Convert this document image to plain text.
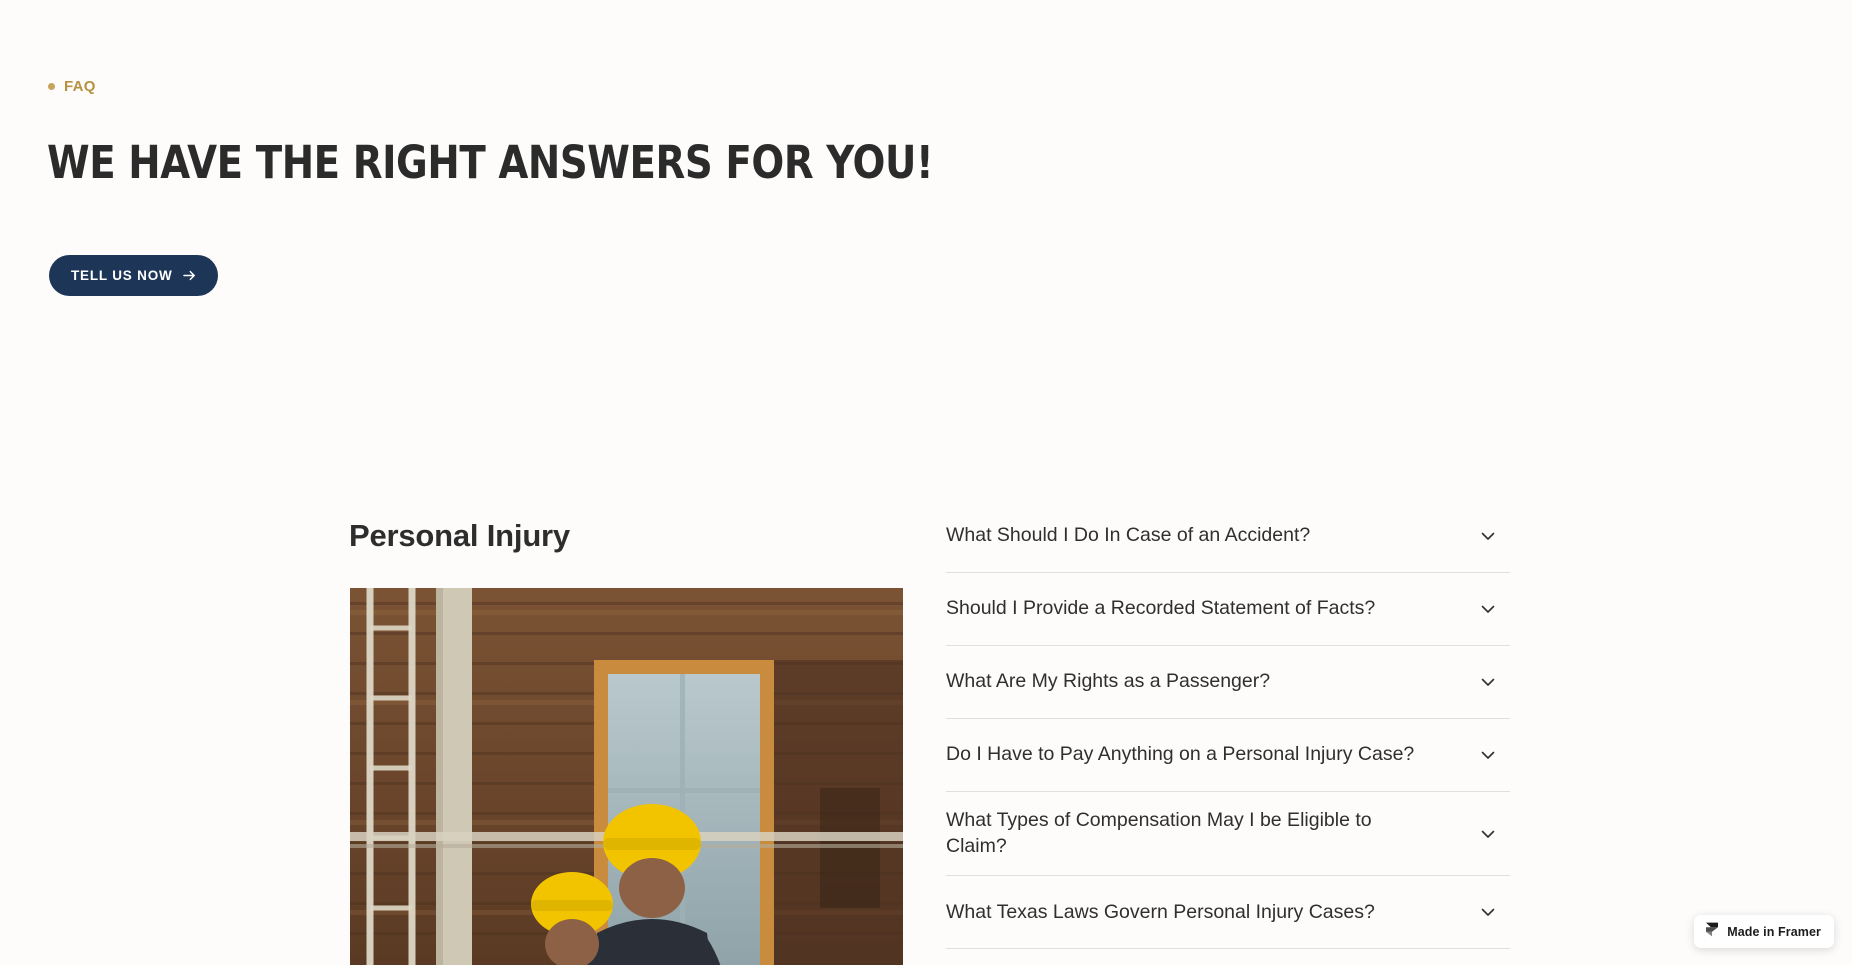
FAQ
WE HAVE THE RIGHT ANSWERS FOR YOU!
TELL US NOW
Personal Injury	What Should I Do In Case of an Accident?
Should I Provide a Recorded Statement of Facts?
What Are My Rights as a Passenger?
Do I Have to Pay Anything on a Personal Injury Case?
What Types of Compensation May I be Eligible to Claim?
What Texas Laws Govern Personal Injury Cases?
Made in Framer
